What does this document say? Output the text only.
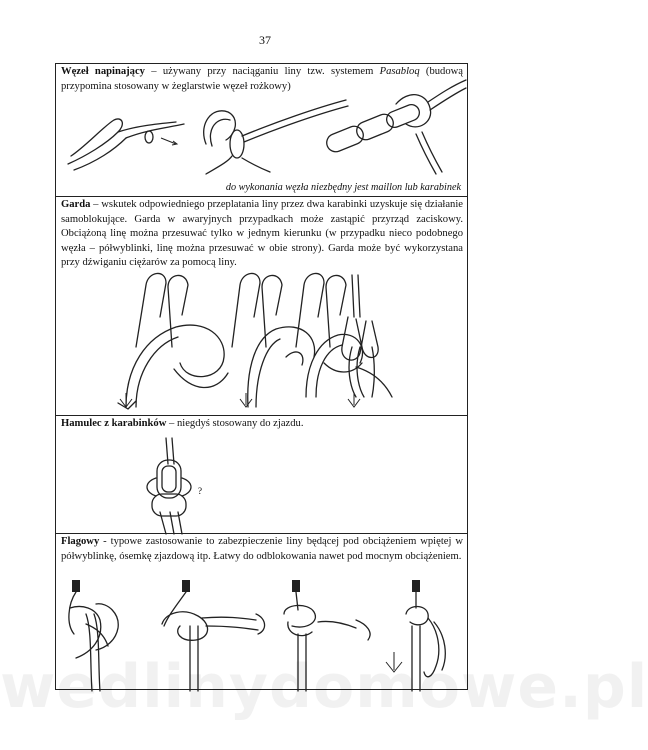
37
Węzeł napinający – używany przy naciąganiu liny tzw. systemem Pasabloq (budową przypomina stosowany w żeglarstwie węzeł rożkowy)
do wykonania węzła niezbędny jest maillon lub karabinek
Garda – wskutek odpowiedniego przeplatania liny przez dwa karabinki uzyskuje się działanie samoblokujące. Garda w awaryjnych przypadkach może zastąpić przyrząd zaciskowy. Obciążoną linę można przesuwać tylko w jednym kierunku (w przypadku nieco podobnego węzła – półwyblinki, linę można przesuwać w obie strony). Garda może być wykorzystana przy dźwiganiu ciężarów za pomocą liny.
Hamulec z karabinków – niegdyś stosowany do zjazdu.
?
Flagowy - typowe zastosowanie to zabezpieczenie liny będącej pod obciążeniem wpiętej w półwyblinkę, ósemkę zjazdową itp. Łatwy do odblokowania nawet pod mocnym obciążeniem.
wedlinydomowe.pl
